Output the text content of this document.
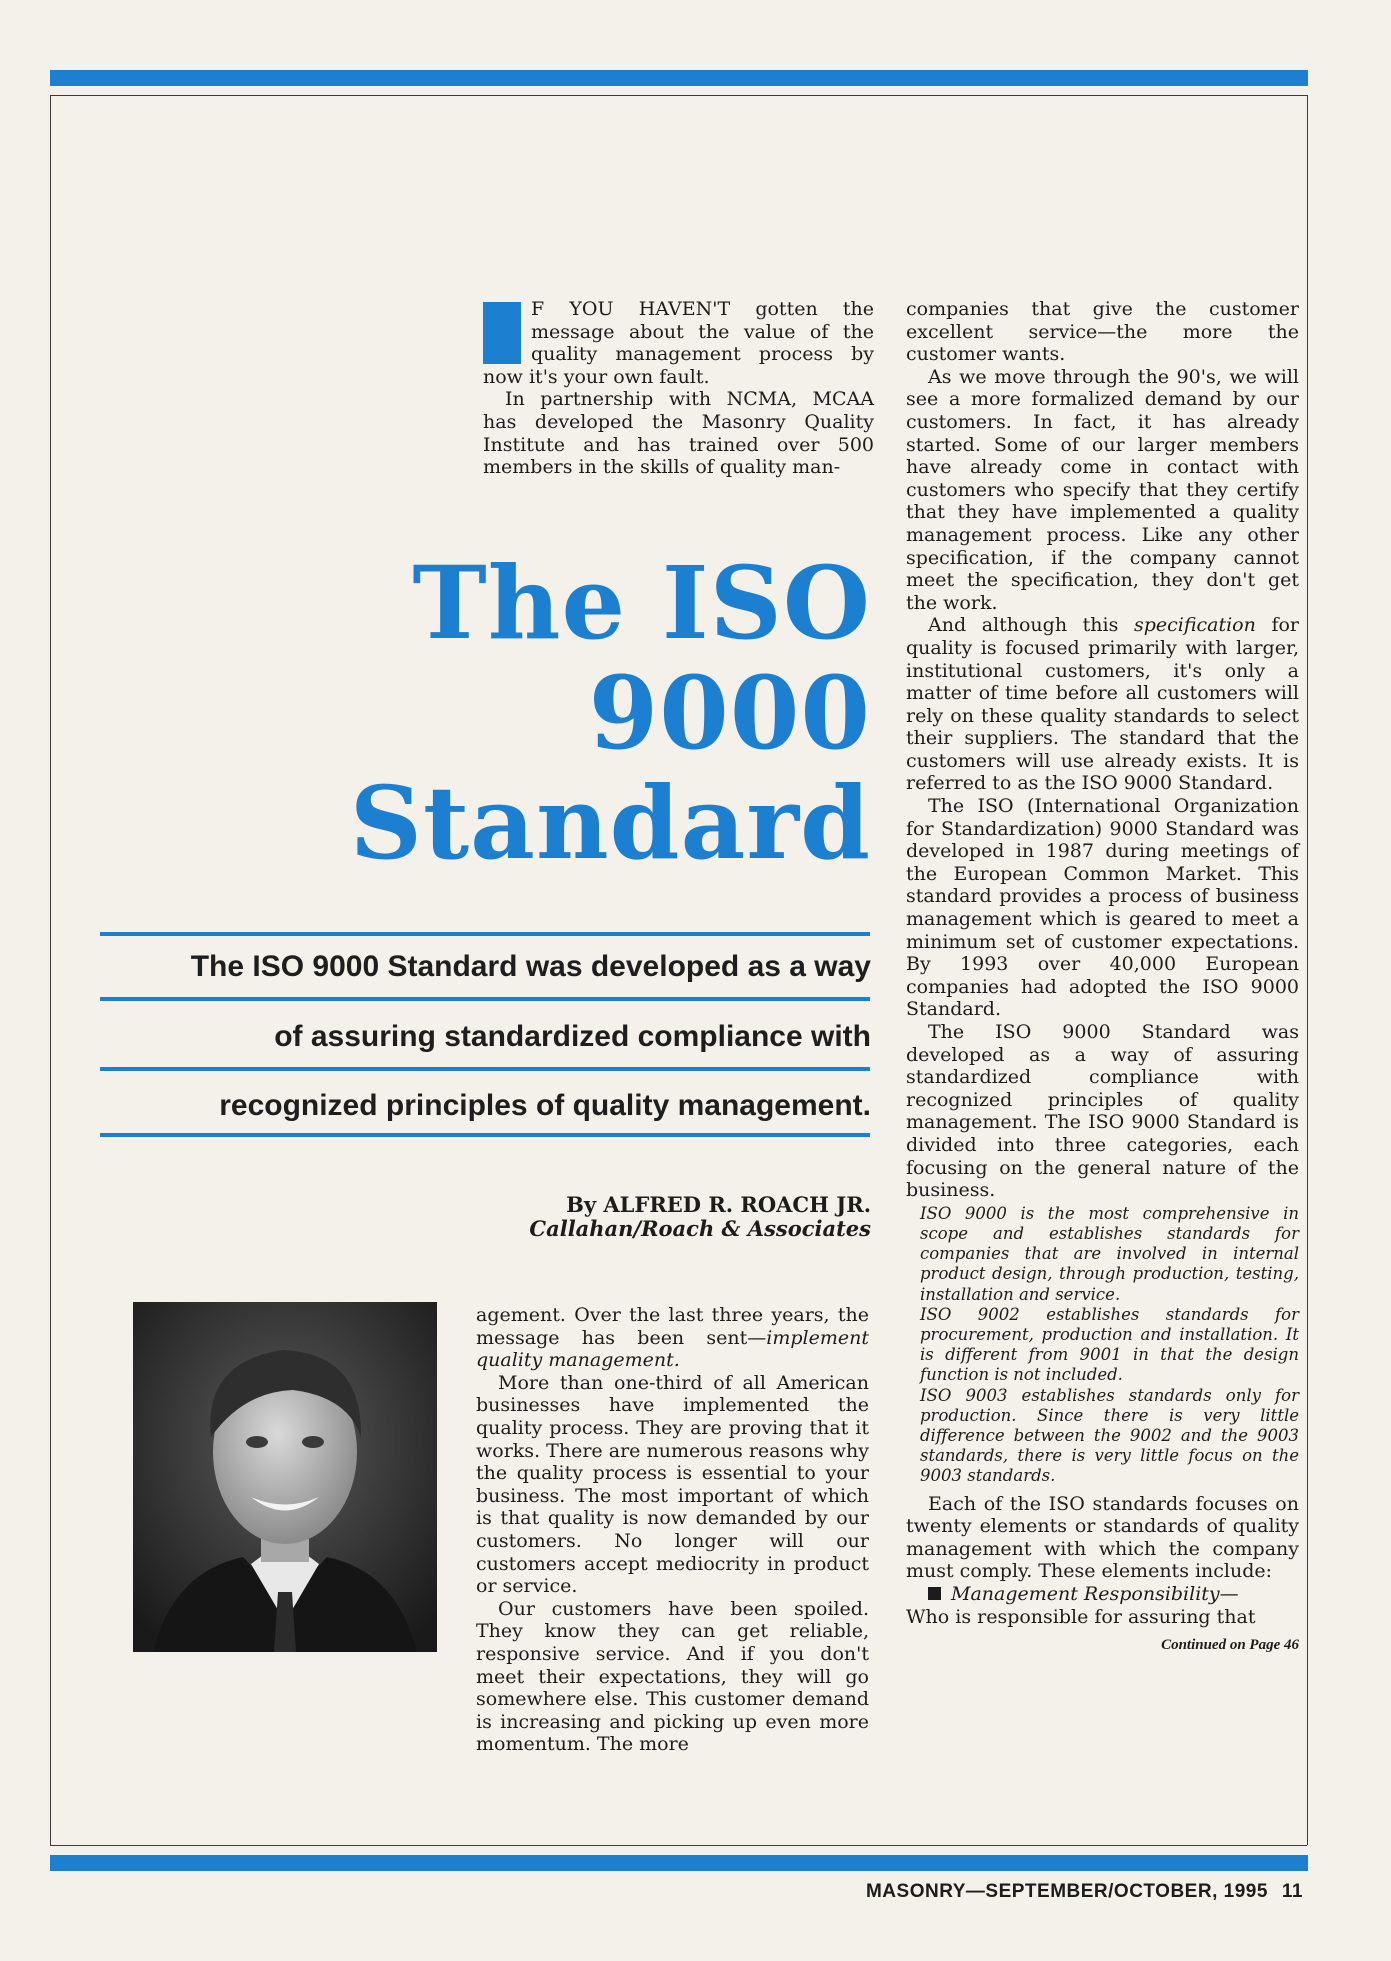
F YOU HAVEN'T gotten the message about the value of the quality management process by now it's your own fault.

In partnership with NCMA, MCAA has developed the Masonry Quality Institute and has trained over 500 members in the skills of quality man-

The ISO
9000
Standard
The ISO 9000 Standard was developed as a way
of assuring standardized compliance with
recognized principles of quality management.
By ALFRED R. ROACH JR.
Callahan/Roach & Associates

agement. Over the last three years, the message has been sent—implement quality management.

More than one-third of all American businesses have implemented the quality process. They are proving that it works. There are numerous reasons why the quality process is essential to your business. The most important of which is that quality is now demanded by our customers. No longer will our customers accept mediocrity in product or service.

Our customers have been spoiled. They know they can get reliable, responsive service. And if you don't meet their expectations, they will go somewhere else. This customer demand is increasing and picking up even more momentum. The more

companies that give the customer excellent service—the more the customer wants.

As we move through the 90's, we will see a more formalized demand by our customers. In fact, it has already started. Some of our larger members have already come in contact with customers who specify that they certify that they have implemented a quality management process. Like any other specification, if the company cannot meet the specification, they don't get the work.

And although this specification for quality is focused primarily with larger, institutional customers, it's only a matter of time before all customers will rely on these quality standards to select their suppliers. The standard that the customers will use already exists. It is referred to as the ISO 9000 Standard.

The ISO (International Organization for Standardization) 9000 Standard was developed in 1987 during meetings of the European Common Market. This standard provides a process of business management which is geared to meet a minimum set of customer expectations. By 1993 over 40,000 European companies had adopted the ISO 9000 Standard.

The ISO 9000 Standard was developed as a way of assuring standardized compliance with recognized principles of quality management. The ISO 9000 Standard is divided into three categories, each focusing on the general nature of the business.

ISO 9000 is the most comprehensive in scope and establishes standards for companies that are involved in internal product design, through production, testing, installation and service.

ISO 9002 establishes standards for procurement, production and installation. It is different from 9001 in that the design function is not included.

ISO 9003 establishes standards only for production. Since there is very little difference between the 9002 and the 9003 standards, there is very little focus on the 9003 standards.

Each of the ISO standards focuses on twenty elements or standards of quality management with which the company must comply. These elements include:

Management Responsibility—

Who is responsible for assuring that

Continued on Page 46
MASONRY—SEPTEMBER/OCTOBER, 1995 11
